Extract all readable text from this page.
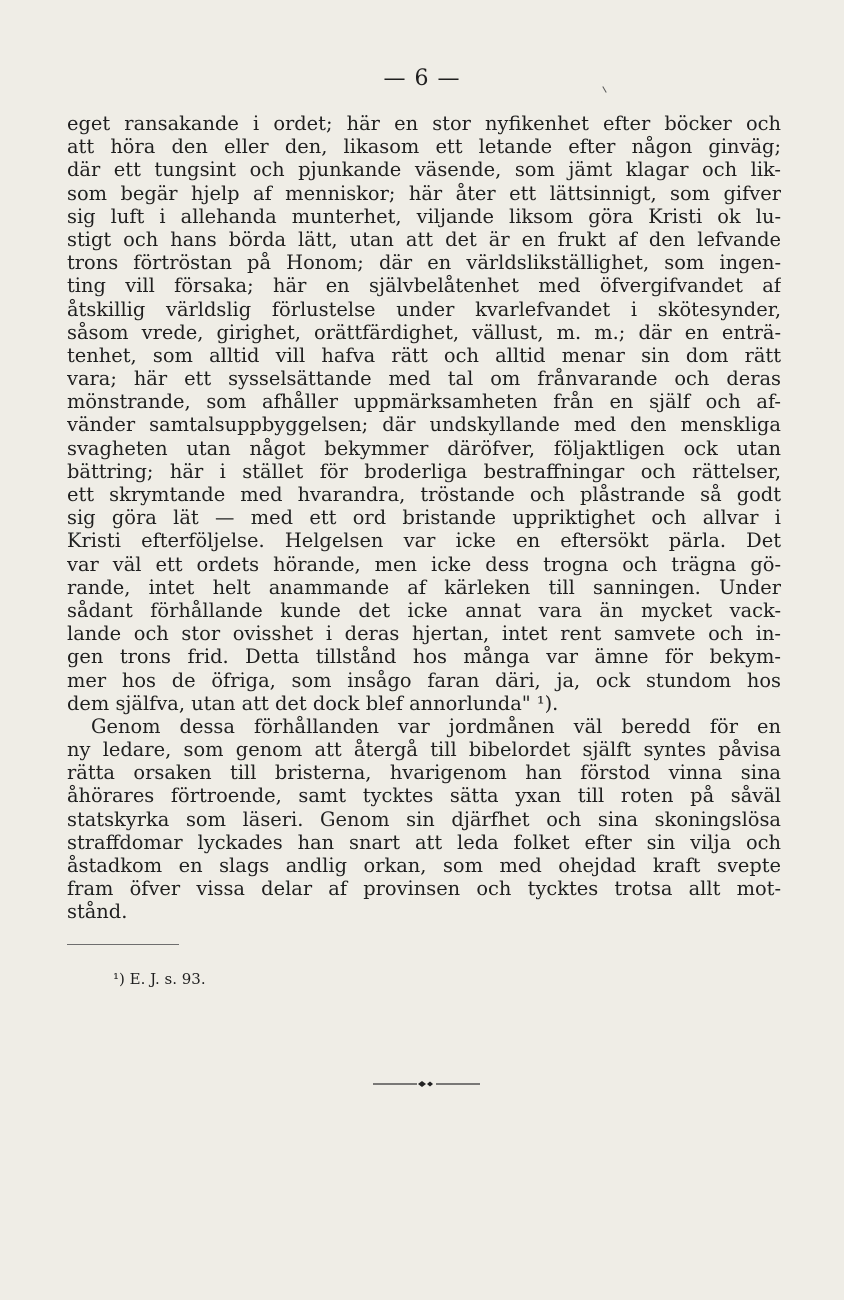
— 6 —
eget ransakande i ordet; här en stor nyfikenhet efter böcker och
att höra den eller den, likasom ett letande efter någon ginväg;
där ett tungsint och pjunkande väsende, som jämt klagar och lik-
som begär hjelp af menniskor; här åter ett lättsinnigt, som gifver
sig luft i allehanda munterhet, viljande liksom göra Kristi ok lu-
stigt och hans börda lätt, utan att det är en frukt af den lefvande
trons förtröstan på Honom; där en världslikställighet, som ingen-
ting vill försaka; här en självbelåtenhet med öfvergifvandet af
åtskillig världslig förlustelse under kvarlefvandet i skötesynder,
såsom vrede, girighet, orättfärdighet, vällust, m. m.; där en enträ-
tenhet, som alltid vill hafva rätt och alltid menar sin dom rätt
vara; här ett sysselsättande med tal om frånvarande och deras
mönstrande, som afhåller uppmärksamheten från en själf och af-
vänder samtalsuppbyggelsen; där undskyllande med den menskliga
svagheten utan något bekymmer däröfver, följaktligen ock utan
bättring; här i stället för broderliga bestraffningar och rättelser,
ett skrymtande med hvarandra, tröstande och plåstrande så godt
sig göra lät — med ett ord bristande uppriktighet och allvar i
Kristi efterföljelse. Helgelsen var icke en eftersökt pärla. Det
var väl ett ordets hörande, men icke dess trogna och trägna gö-
rande, intet helt anammande af kärleken till sanningen. Under
sådant förhållande kunde det icke annat vara än mycket vack-
lande och stor ovisshet i deras hjertan, intet rent samvete och in-
gen trons frid. Detta tillstånd hos många var ämne för bekym-
mer hos de öfriga, som insågo faran däri, ja, ock stundom hos
dem själfva, utan att det dock blef annorlunda" ¹).
Genom dessa förhållanden var jordmånen väl beredd för en
ny ledare, som genom att återgå till bibelordet själft syntes påvisa
rätta orsaken till bristerna, hvarigenom han förstod vinna sina
åhörares förtroende, samt tycktes sätta yxan till roten på såväl
statskyrka som läseri. Genom sin djärfhet och sina skoningslösa
straffdomar lyckades han snart att leda folket efter sin vilja och
åstadkom en slags andlig orkan, som med ohejdad kraft svepte
fram öfver vissa delar af provinsen och tycktes trotsa allt mot-
stånd.
¹) E. J. s. 93.
